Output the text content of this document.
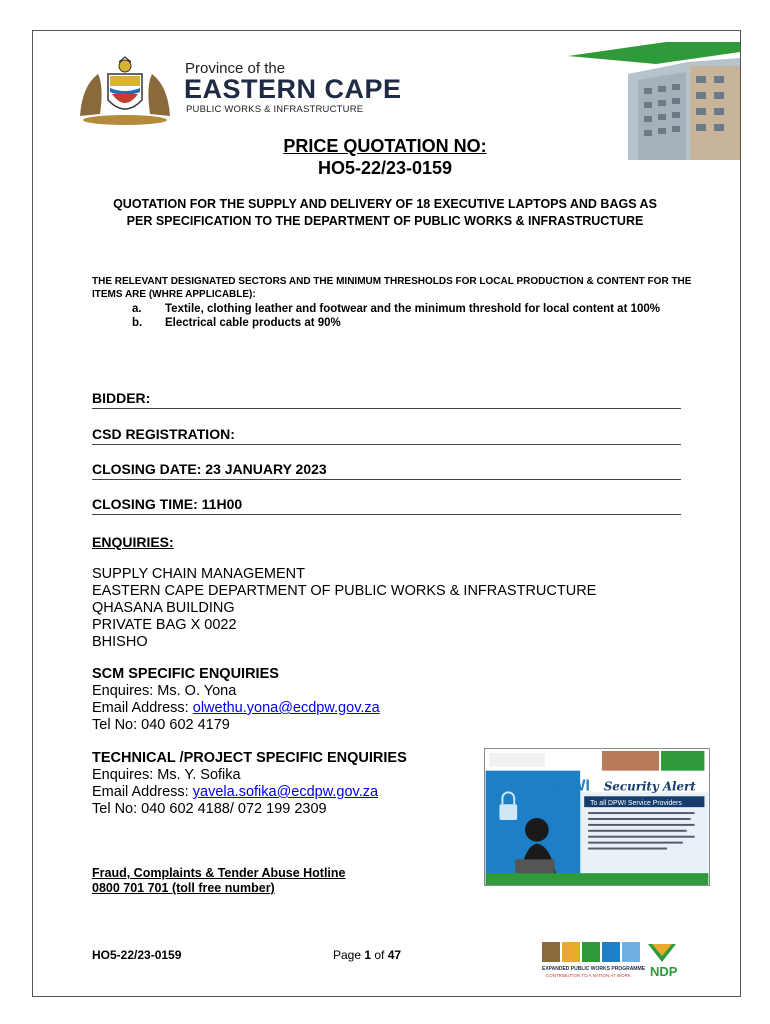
Province of the
EASTERN CAPE
PUBLIC WORKS & INFRASTRUCTURE
PRICE QUOTATION NO:
HO5-22/23-0159
QUOTATION FOR THE SUPPLY AND DELIVERY OF 18 EXECUTIVE LAPTOPS AND BAGS AS PER SPECIFICATION TO THE DEPARTMENT OF PUBLIC WORKS & INFRASTRUCTURE
THE RELEVANT DESIGNATED SECTORS AND THE MINIMUM THRESHOLDS FOR LOCAL PRODUCTION & CONTENT FOR THE ITEMS ARE (WHRE APPLICABLE):
a.	Textile, clothing leather and footwear and the minimum threshold for local content at 100%
b.	Electrical cable products at 90%
BIDDER:
CSD REGISTRATION:
CLOSING DATE: 23 JANUARY 2023
CLOSING TIME: 11H00
ENQUIRIES:
SUPPLY CHAIN MANAGEMENT
EASTERN CAPE DEPARTMENT OF PUBLIC WORKS & INFRASTRUCTURE
QHASANA BUILDING
PRIVATE BAG X 0022
BHISHO
SCM SPECIFIC ENQUIRIES
Enquires: Ms. O. Yona
Email Address: olwethu.yona@ecdpw.gov.za
Tel No: 040 602 4179
TECHNICAL /PROJECT SPECIFIC ENQUIRIES
Enquires: Ms. Y. Sofika
Email Address: yavela.sofika@ecdpw.gov.za
Tel No: 040 602 4188/ 072 199 2309
DPWI Security Alert
To all DPWI Service Providers
Fraud, Complaints & Tender Abuse Hotline
0800 701 701 (toll free number)
HO5-22/23-0159	Page 1 of 47
EXPANDED PUBLIC WORKS PROGRAMME
CONTRIBUTION TO A NATION AT WORK NDP
